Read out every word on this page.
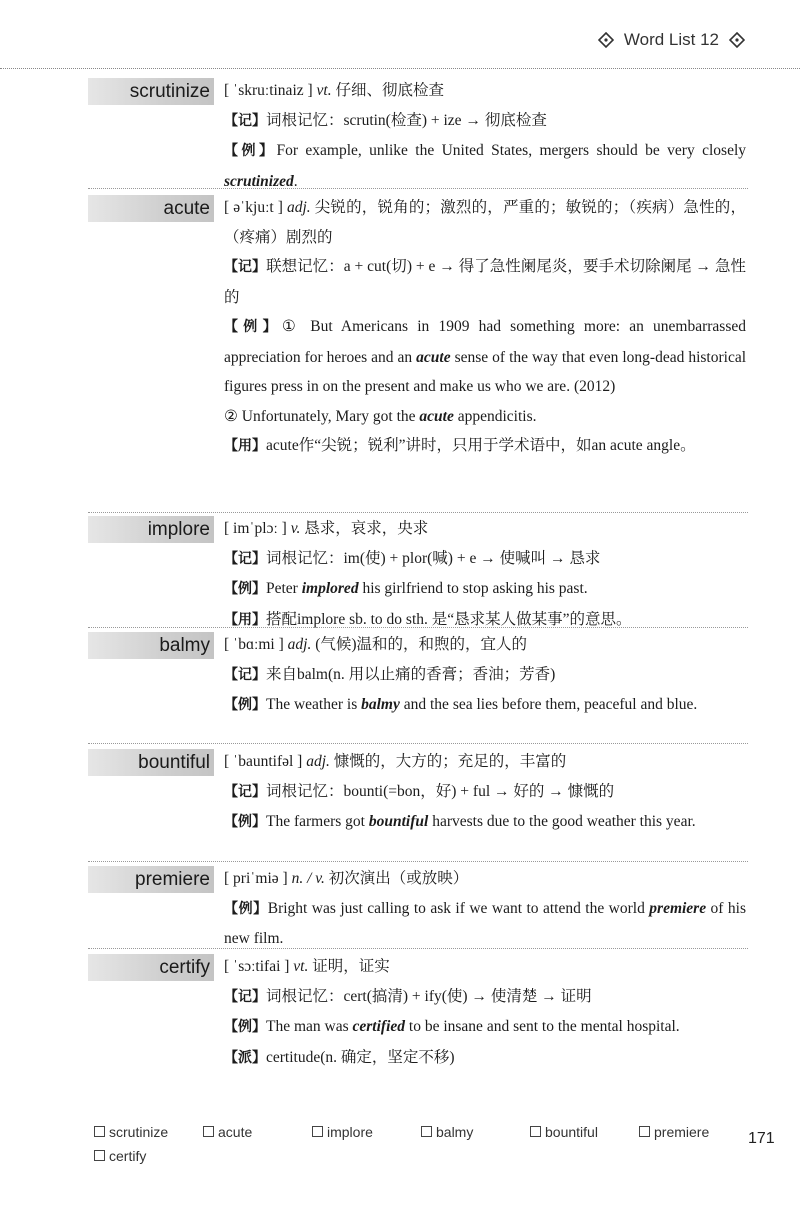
Word List 12
scrutinize [ ˈskruːtinaiz ] vt. 仔细、彻底检查

【记】词根记忆：scrutin(检查) + ize → 彻底检查

【例】For example, unlike the United States, mergers should be very closely scrutinized.

acute [ əˈkjuːt ] adj. 尖锐的，锐角的；激烈的，严重的；敏锐的；（疾病）急性的，（疼痛）剧烈的

【记】联想记忆：a + cut(切) + e → 得了急性阑尾炎，要手术切除阑尾 → 急性的

【例】① But Americans in 1909 had something more: an unembarrassed appreciation for heroes and an acute sense of the way that even long-dead historical figures press in on the present and make us who we are. (2012)

② Unfortunately, Mary got the acute appendicitis.

【用】acute作“尖锐；锐利”讲时，只用于学术语中，如an acute angle。

implore [ imˈplɔː ] v. 恳求，哀求，央求

【记】词根记忆：im(使) + plor(喊) + e → 使喊叫 → 恳求

【例】Peter implored his girlfriend to stop asking his past.

【用】搭配implore sb. to do sth. 是“恳求某人做某事”的意思。

balmy [ ˈbɑːmi ] adj. (气候)温和的，和煦的，宜人的

【记】来自balm(n. 用以止痛的香膏；香油；芳香)

【例】The weather is balmy and the sea lies before them, peaceful and blue.

bountiful [ ˈbauntifəl ] adj. 慷慨的，大方的；充足的，丰富的

【记】词根记忆：bounti(=bon，好) + ful → 好的 → 慷慨的

【例】The farmers got bountiful harvests due to the good weather this year.

premiere [ priˈmiə ] n. / v. 初次演出（或放映）

【例】Bright was just calling to ask if we want to attend the world premiere of his new film.

certify [ ˈsɔːtifai ] vt. 证明，证实

【记】词根记忆：cert(搞清) + ify(使) → 使清楚 → 证明

【例】The man was certified to be insane and sent to the mental hospital.

【派】certitude(n. 确定，坚定不移)

scrutinize	acute	implore	balmy	bountiful	premiere
certify
171
